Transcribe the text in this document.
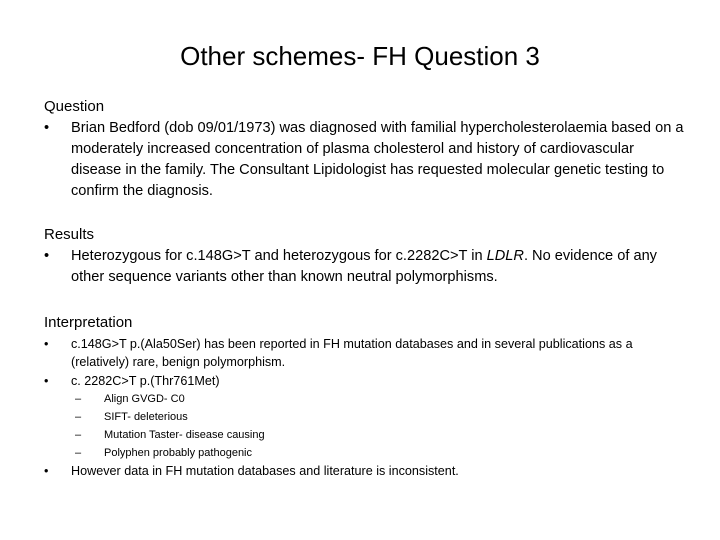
Other schemes- FH Question 3
Question
• Brian Bedford (dob 09/01/1973) was diagnosed with familial hypercholesterolaemia based on a moderately increased concentration of plasma cholesterol and history of cardiovascular disease in the family. The Consultant Lipidologist has requested molecular genetic testing to confirm the diagnosis.
Results
• Heterozygous for c.148G>T and heterozygous for c.2282C>T in LDLR. No evidence of any other sequence variants other than known neutral polymorphisms.
Interpretation
• c.148G>T p.(Ala50Ser) has been reported in FH mutation databases and in several publications as a (relatively) rare, benign polymorphism.
• c. 2282C>T p.(Thr761Met)
– Align GVGD- C0
– SIFT- deleterious
– Mutation Taster- disease causing
– Polyphen probably pathogenic
• However data in FH mutation databases and literature is inconsistent.
